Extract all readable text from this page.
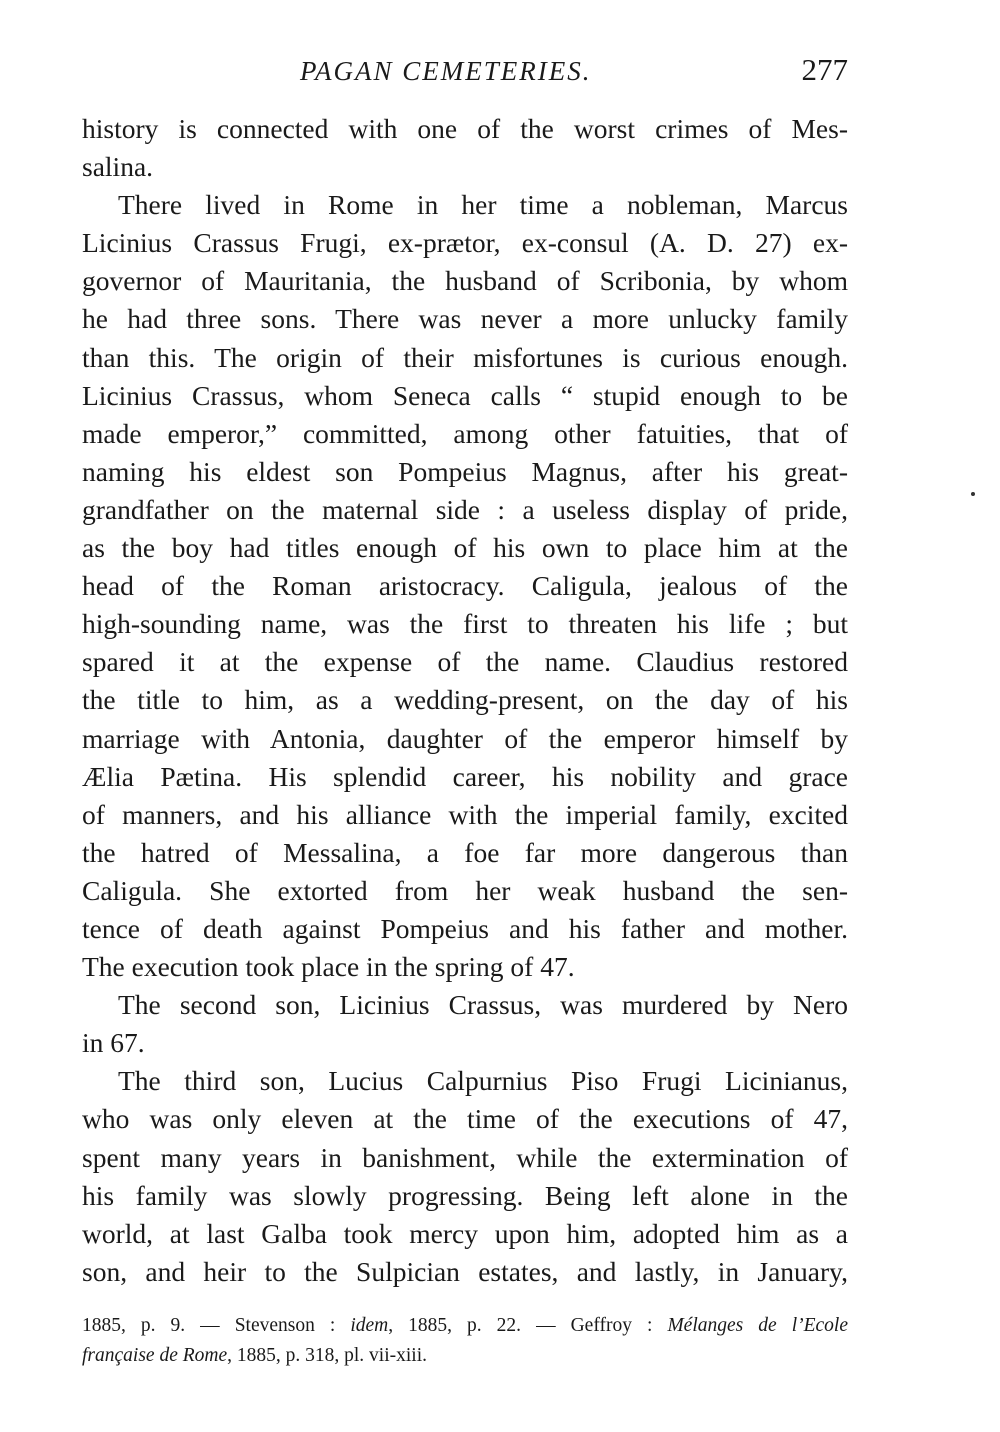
PAGAN CEMETERIES.	277
history is connected with one of the worst crimes of Mes-
salina.
There lived in Rome in her time a nobleman, Marcus
Licinius Crassus Frugi, ex-prætor, ex-consul (A. D. 27) ex-
governor of Mauritania, the husband of Scribonia, by whom
he had three sons. There was never a more unlucky family
than this. The origin of their misfortunes is curious enough.
Licinius Crassus, whom Seneca calls “ stupid enough to be
made emperor,” committed, among other fatuities, that of
naming his eldest son Pompeius Magnus, after his great-
grandfather on the maternal side : a useless display of pride,
as the boy had titles enough of his own to place him at the
head of the Roman aristocracy. Caligula, jealous of the
high-sounding name, was the first to threaten his life ; but
spared it at the expense of the name. Claudius restored
the title to him, as a wedding-present, on the day of his
marriage with Antonia, daughter of the emperor himself by
Ælia Pætina. His splendid career, his nobility and grace
of manners, and his alliance with the imperial family, excited
the hatred of Messalina, a foe far more dangerous than
Caligula. She extorted from her weak husband the sen-
tence of death against Pompeius and his father and mother.
The execution took place in the spring of 47.
The second son, Licinius Crassus, was murdered by Nero
in 67.
The third son, Lucius Calpurnius Piso Frugi Licinianus,
who was only eleven at the time of the executions of 47,
spent many years in banishment, while the extermination of
his family was slowly progressing. Being left alone in the
world, at last Galba took mercy upon him, adopted him as a
son, and heir to the Sulpician estates, and lastly, in January,
1885, p. 9. — Stevenson : idem, 1885, p. 22. — Geffroy : Mélanges de l’Ecole
française de Rome, 1885, p. 318, pl. vii-xiii.
